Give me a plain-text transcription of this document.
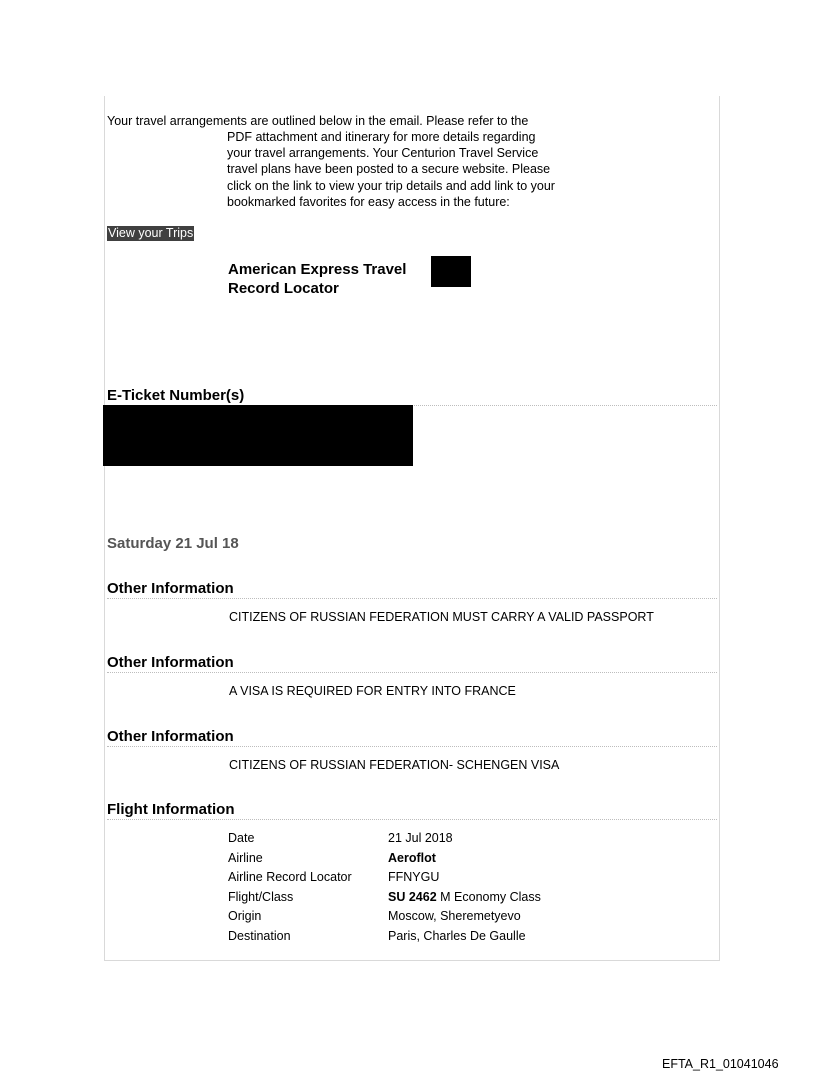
Your travel arrangements are outlined below in the email. Please refer to the
PDF attachment and itinerary for more details regarding
your travel arrangements. Your Centurion Travel Service
travel plans have been posted to a secure website. Please
click on the link to view your trip details and add link to your
bookmarked favorites for easy access in the future:
View your Trips
American Express Travel
Record Locator
E-Ticket Number(s)
Saturday 21 Jul 18
Other Information
CITIZENS OF RUSSIAN FEDERATION MUST CARRY A VALID PASSPORT
Other Information
A VISA IS REQUIRED FOR ENTRY INTO FRANCE
Other Information
CITIZENS OF RUSSIAN FEDERATION- SCHENGEN VISA
Flight Information
Date	21 Jul 2018
Airline	Aeroflot
Airline Record Locator	FFNYGU
Flight/Class	SU 2462 M Economy Class
Origin	Moscow, Sheremetyevo
Destination	Paris, Charles De Gaulle
EFTA_R1_01041046
